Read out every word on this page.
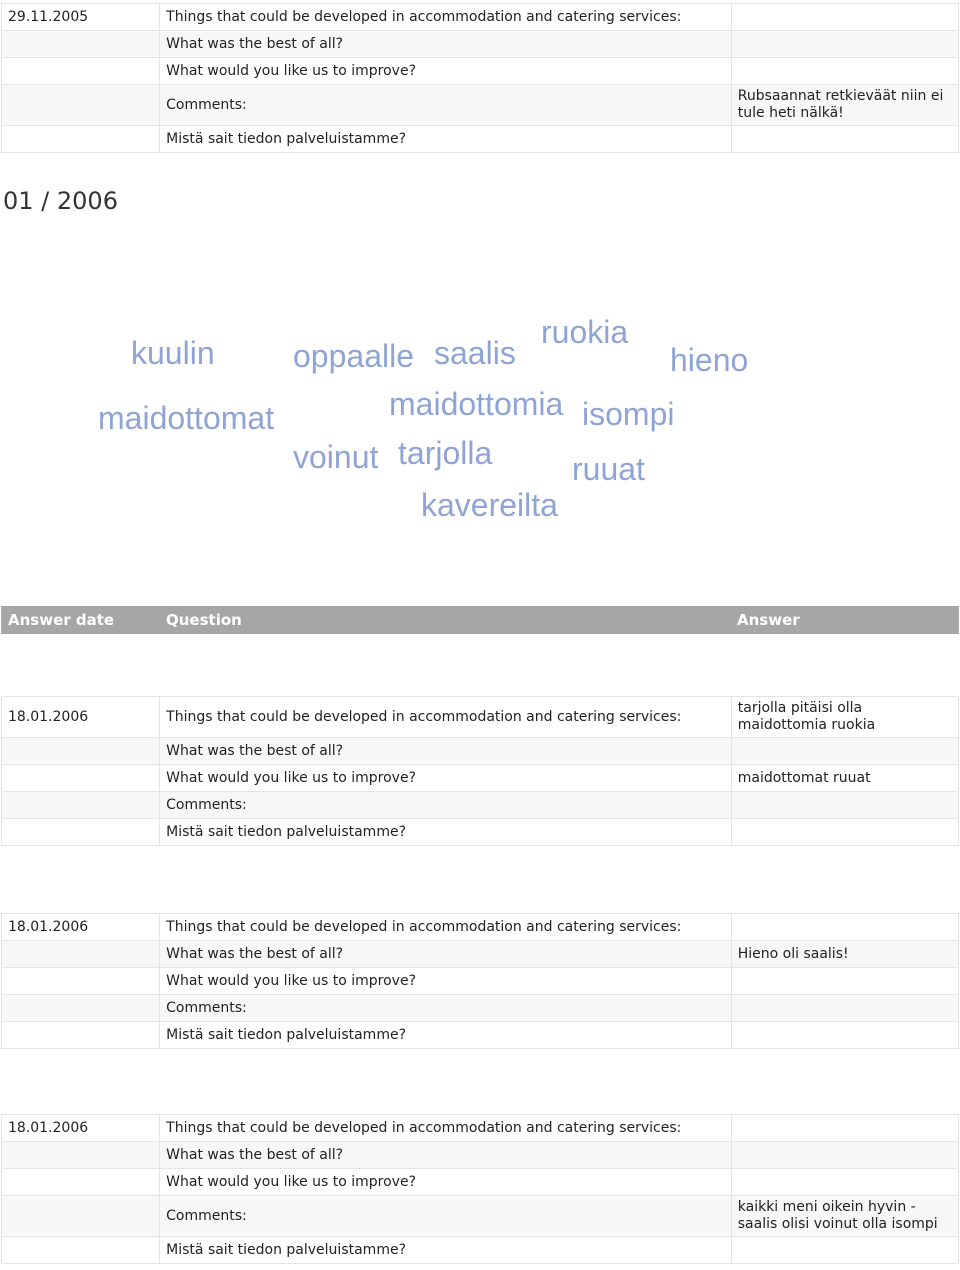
29.11.2005	Things that could be developed in accommodation and catering services:	
	What was the best of all?	
	What would you like us to improve?	
	Comments:	Rubsaannat retkieväät niin ei tule heti nälkä!
	Mistä sait tiedon palveluistamme?	
01 / 2006
kuulin oppaalle saalis
ruokia
hieno
maidottomat	maidottomia isompi
voinut tarjolla ruuat
kavereilta
Answer date	Question	Answer
18.01.2006	Things that could be developed in accommodation and catering services:	tarjolla pitäisi olla maidottomia ruokia
	What was the best of all?	
	What would you like us to improve?	maidottomat ruuat
	Comments:	
	Mistä sait tiedon palveluistamme?	
18.01.2006	Things that could be developed in accommodation and catering services:	
	What was the best of all?	Hieno oli saalis!
	What would you like us to improve?	
	Comments:	
	Mistä sait tiedon palveluistamme?	
18.01.2006	Things that could be developed in accommodation and catering services:	
	What was the best of all?	
	What would you like us to improve?	
	Comments:	kaikki meni oikein hyvin - saalis olisi voinut olla isompi
	Mistä sait tiedon palveluistamme?	
